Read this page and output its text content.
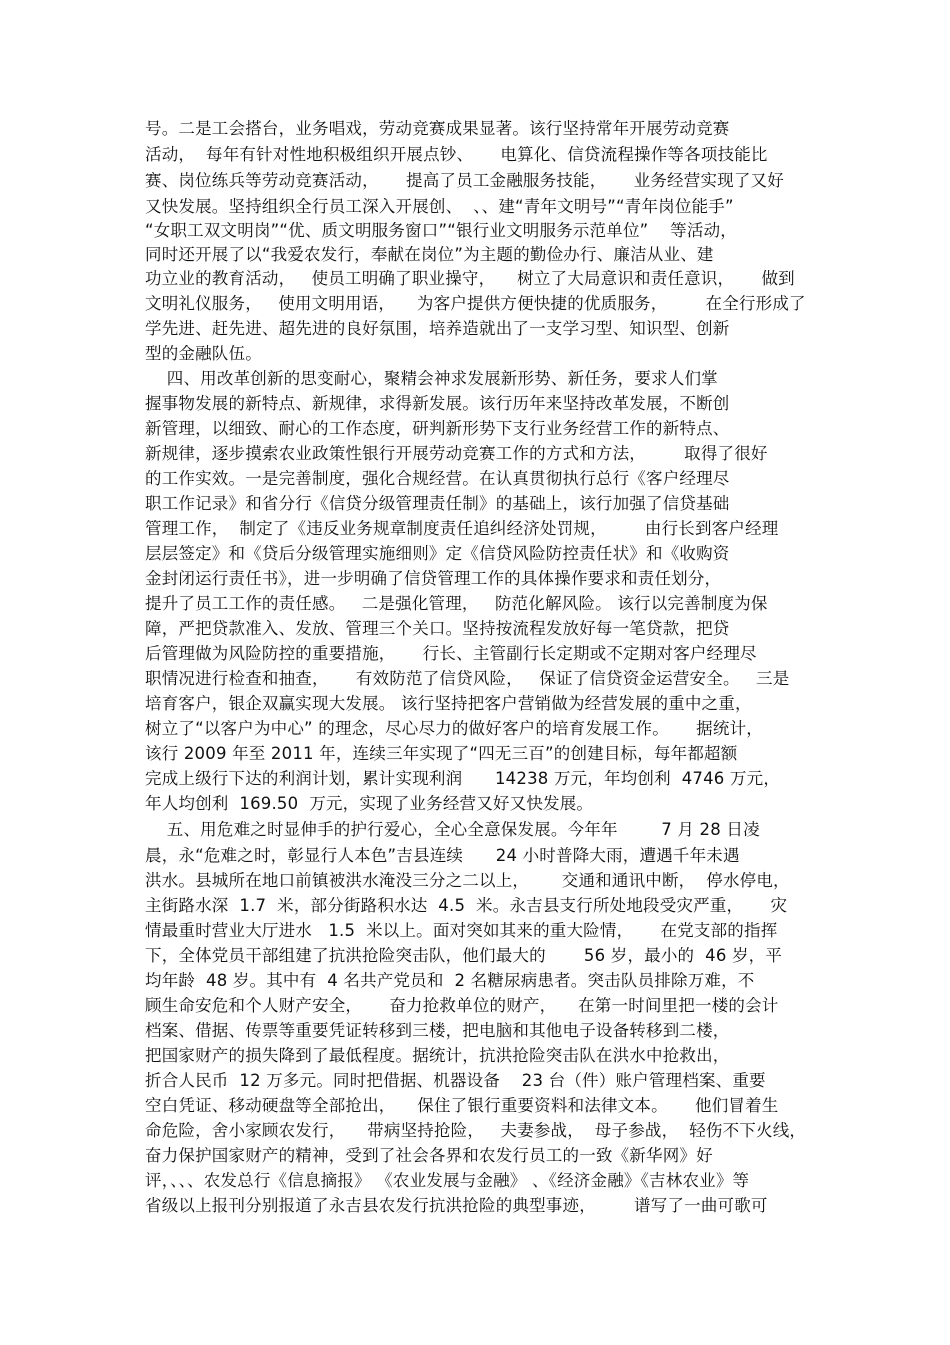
号。二是工会搭台，业务唱戏，劳动竞赛成果显著。该行坚持常年开展劳动竞赛
活动，  每年有针对性地积极组织开展点钞、     电算化、信贷流程操作等各项技能比
赛、岗位练兵等劳动竞赛活动，     提高了员工金融服务技能，     业务经营实现了又好
又快发展。坚持组织全行员工深入开展创、  、、建“青年文明号”“青年岗位能手”
“女职工双文明岗”“优、质文明服务窗口”“银行业文明服务示范单位”    等活动，
同时还开展了以“我爱农发行，奉献在岗位”为主题的勤俭办行、廉洁从业、建
功立业的教育活动，   使员工明确了职业操守，    树立了大局意识和责任意识，     做到
文明礼仪服务，   使用文明用语，    为客户提供方便快捷的优质服务，       在全行形成了
学先进、赶先进、超先进的良好氛围，培养造就出了一支学习型、知识型、创新
型的金融队伍。
四、用改革创新的思变耐心，聚精会神求发展新形势、新任务，要求人们掌
握事物发展的新特点、新规律，求得新发展。该行历年来坚持改革发展，不断创
新管理，以细致、耐心的工作态度，研判新形势下支行业务经营工作的新特点、
新规律，逐步摸索农业政策性银行开展劳动竞赛工作的方式和方法，       取得了很好
的工作实效。一是完善制度，强化合规经营。在认真贯彻执行总行《客户经理尽
职工作记录》和省分行《信贷分级管理责任制》的基础上，该行加强了信贷基础
管理工作，  制定了《违反业务规章制度责任追纠经济处罚规，       由行长到客户经理
层层签定》和《贷后分级管理实施细则》定《信贷风险防控责任状》和《收购资
金封闭运行责任书》，进一步明确了信贷管理工作的具体操作要求和责任划分，
提升了员工工作的责任感。   二是强化管理，   防范化解风险。 该行以完善制度为保
障，严把贷款准入、发放、管理三个关口。坚持按流程发放好每一笔贷款，把贷
后管理做为风险防控的重要措施，     行长、主管副行长定期或不定期对客户经理尽
职情况进行检查和抽查，     有效防范了信贷风险，   保证了信贷资金运营安全。   三是
培育客户，银企双赢实现大发展。 该行坚持把客户营销做为经营发展的重中之重，
树立了“以客户为中心” 的理念，尽心尽力的做好客户的培育发展工作。     据统计，
该行 2009 年至 2011 年，连续三年实现了“四无三百”的创建目标，每年都超额
完成上级行下达的利润计划，累计实现利润      14238 万元，年均创利  4746 万元，
年人均创利  169.50  万元，实现了业务经营又好又快发展。
五、用危难之时显伸手的护行爱心，全心全意保发展。今年年        7 月 28 日凌
晨，永“危难之时，彰显行人本色”吉县连续      24 小时普降大雨，遭遇千年未遇
洪水。县城所在地口前镇被洪水淹没三分之二以上，      交通和通讯中断，  停水停电，
主街路水深  1.7  米，部分街路积水达  4.5  米。永吉县支行所处地段受灾严重，     灾
情最重时营业大厅进水   1.5  米以上。面对突如其来的重大险情，     在党支部的指挥
下，全体党员干部组建了抗洪抢险突击队，他们最大的       56 岁，最小的  46 岁，平
均年龄  48 岁。其中有  4 名共产党员和  2 名糖尿病患者。突击队员排除万难，不
顾生命安危和个人财产安全，     奋力抢救单位的财产，    在第一时间里把一楼的会计
档案、借据、传票等重要凭证转移到三楼，把电脑和其他电子设备转移到二楼，
把国家财产的损失降到了最低程度。据统计，抗洪抢险突击队在洪水中抢救出，
折合人民币  12 万多元。同时把借据、机器设备    23 台（件）账户管理档案、重要
空白凭证、移动硬盘等全部抢出，    保住了银行重要资料和法律文本。     他们冒着生
命危险，舍小家顾农发行，    带病坚持抢险，   夫妻参战，  母子参战，  轻伤不下火线，
奋力保护国家财产的精神，受到了社会各界和农发行员工的一致《新华网》好
评，、、、农发总行《信息摘报》 《农业发展与金融》 、《经济金融》《吉林农业》等
省级以上报刊分别报道了永吉县农发行抗洪抢险的典型事迹，       谱写了一曲可歌可
